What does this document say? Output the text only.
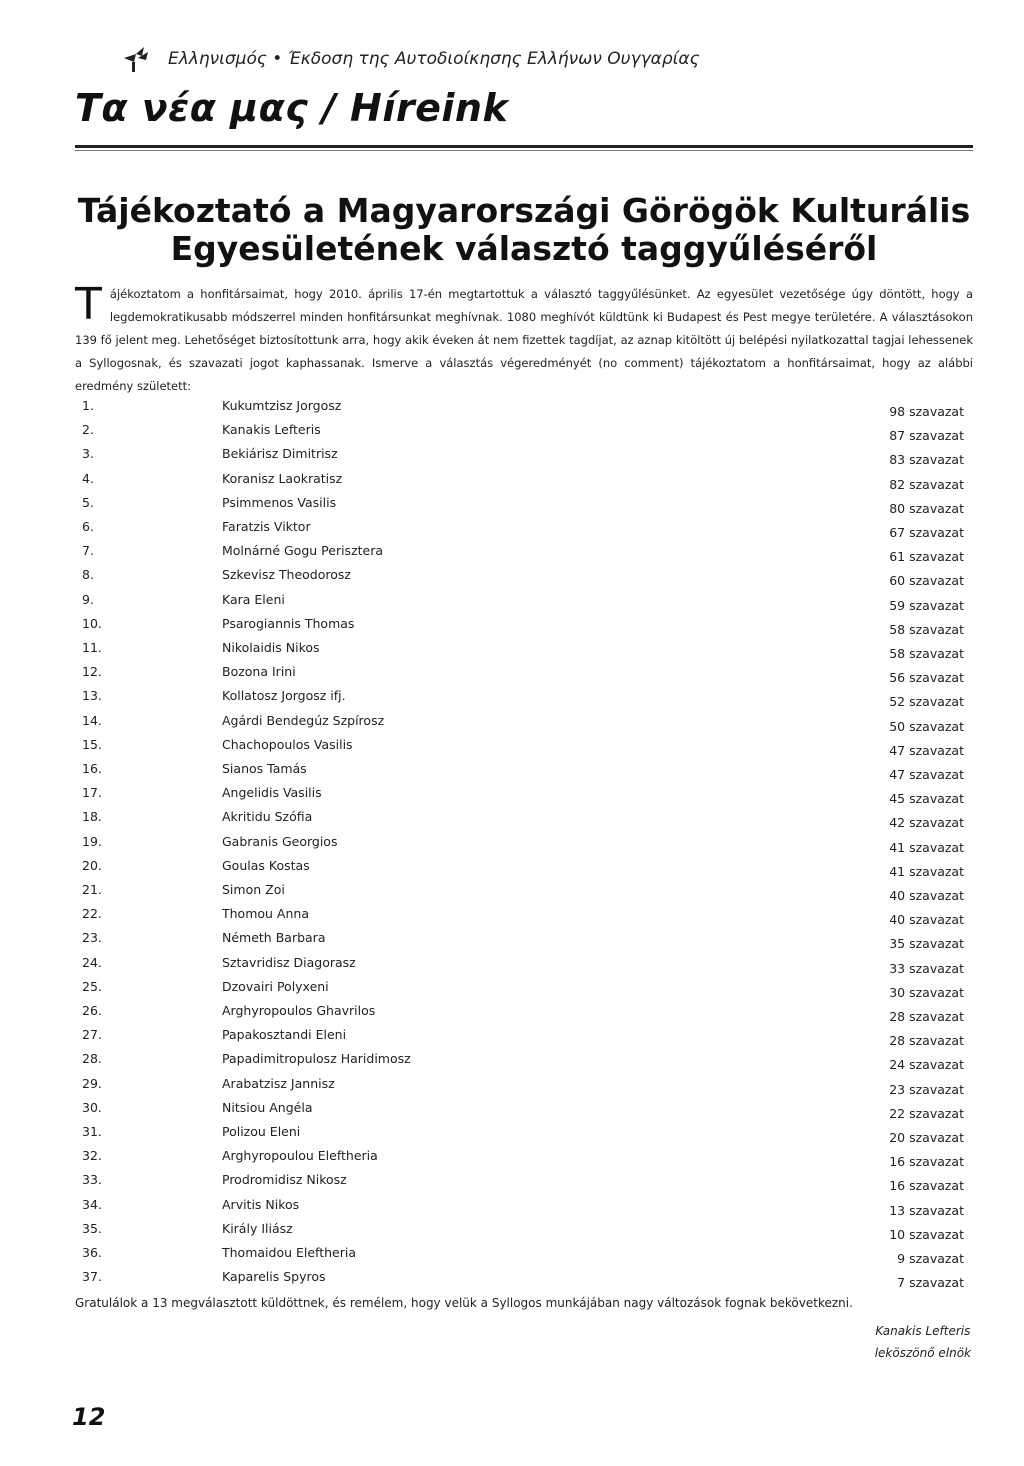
Ελληνισμός • Έκδοση της Αυτοδιοίκησης Ελλήνων Ουγγαρίας
Τα νέα μας / Híreink
Tájékoztató a Magyarországi Görögök Kulturális
Egyesületének választó taggyűléséről
T ájékoztatom a honfitársaimat, hogy 2010. április 17-én megtartottuk a választó taggyűlésünket. Az egyesület vezetősége úgy döntött, hogy a legdemokratikusabb módszerrel minden honfitársunkat meghívnak. 1080 meghívót küldtünk ki Budapest és Pest megye területére. A választásokon 139 fő jelent meg. Lehetőséget biztosítottunk arra, hogy akik éveken át nem fizettek tagdíjat, az aznap kitöltött új belépési nyilatkozattal tagjai lehessenek a Syllogosnak, és szavazati jogot kaphassanak. Ismerve a választás végeredményét (no comment) tájékoztatom a honfitársaimat, hogy az alábbi eredmény született:
1.	Kukumtzisz Jorgosz	98 szavazat
2.	Kanakis Lefteris	87 szavazat
3.	Bekiárisz Dimitrisz	83 szavazat
4.	Koranisz Laokratisz	82 szavazat
5.	Psimmenos Vasilis	80 szavazat
6.	Faratzis Viktor	67 szavazat
7.	Molnárné Gogu Perisztera	61 szavazat
8.	Szkevisz Theodorosz	60 szavazat
9.	Kara Eleni	59 szavazat
10.	Psarogiannis Thomas	58 szavazat
11.	Nikolaidis Nikos	58 szavazat
12.	Bozona Irini	56 szavazat
13.	Kollatosz Jorgosz ifj.	52 szavazat
14.	Agárdi Bendegúz Szpírosz	50 szavazat
15.	Chachopoulos Vasilis	47 szavazat
16.	Sianos Tamás	47 szavazat
17.	Angelidis Vasilis	45 szavazat
18.	Akritidu Szófia	42 szavazat
19.	Gabranis Georgios	41 szavazat
20.	Goulas Kostas	41 szavazat
21.	Simon Zoi	40 szavazat
22.	Thomou Anna	40 szavazat
23.	Németh Barbara	35 szavazat
24.	Sztavridisz Diagorasz	33 szavazat
25.	Dzovairi Polyxeni	30 szavazat
26.	Arghyropoulos Ghavrilos	28 szavazat
27.	Papakosztandi Eleni	28 szavazat
28.	Papadimitropulosz Haridimosz	24 szavazat
29.	Arabatzisz Jannisz	23 szavazat
30.	Nitsiou Angéla	22 szavazat
31.	Polizou Eleni	20 szavazat
32.	Arghyropoulou Eleftheria	16 szavazat
33.	Prodromidisz Nikosz	16 szavazat
34.	Arvitis Nikos	13 szavazat
35.	Király Iliász	10 szavazat
36.	Thomaidou Eleftheria	9 szavazat
37.	Kaparelis Spyros	7 szavazat
Gratulálok a 13 megválasztott küldöttnek, és remélem, hogy velük a Syllogos munkájában nagy változások fognak bekövetkezni.
Kanakis Lefteris
leköszönő elnök
12
